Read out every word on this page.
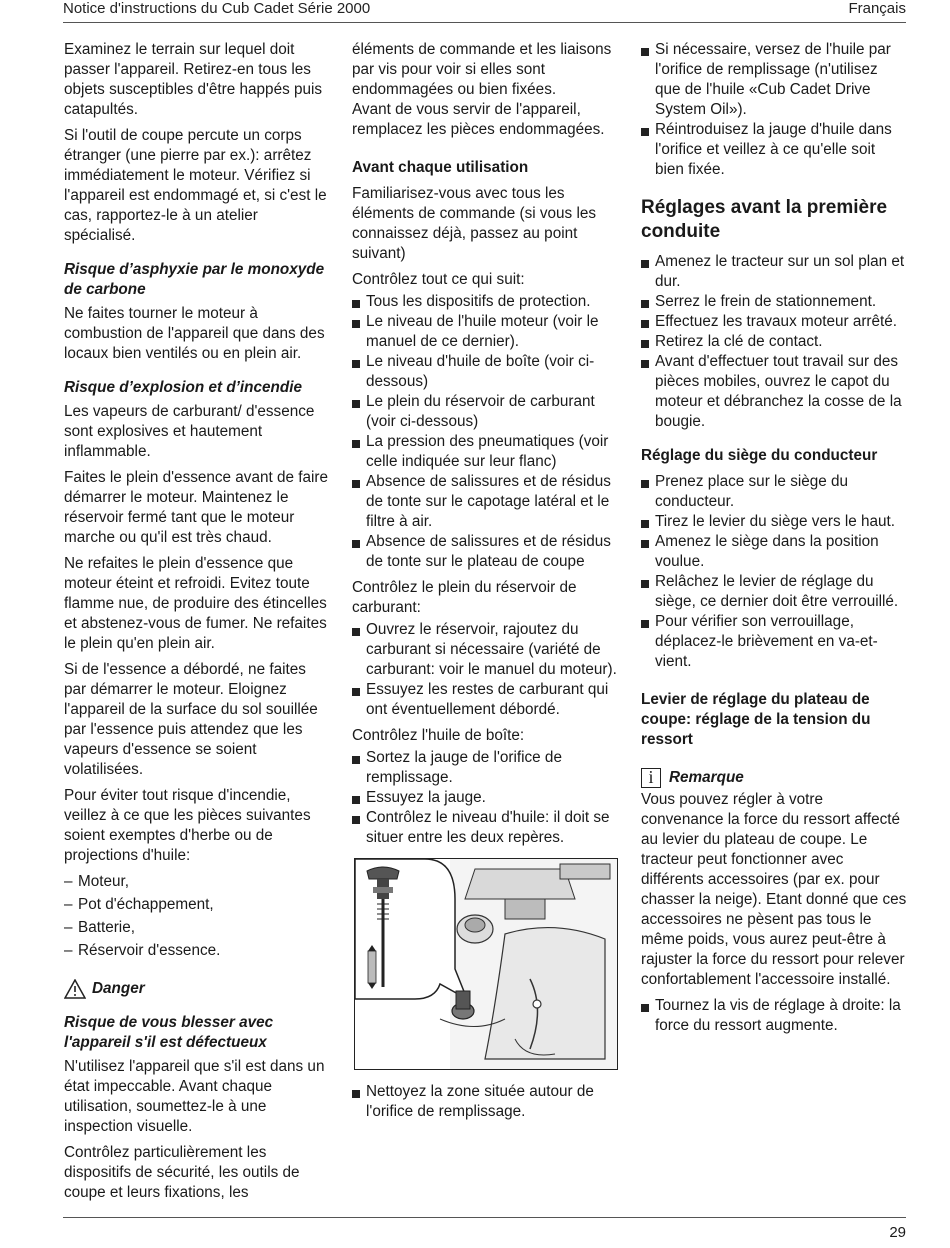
Notice d'instructions du Cub Cadet Série 2000	Français

Examinez le terrain sur lequel doit passer l'appareil. Retirez-en tous les objets susceptibles d'être happés puis catapultés.

Si l'outil de coupe percute un corps étranger (une pierre par ex.): arrêtez immédiatement le moteur. Vérifiez si l'appareil est endommagé et, si c'est le cas, rapportez-le à un atelier spécialisé.

Risque d’asphyxie par le monoxyde de carbone

Ne faites tourner le moteur à combustion de l'appareil que dans des locaux bien ventilés ou en plein air.

Risque d’explosion et d’incendie

Les vapeurs de carburant/ d'essence sont explosives et hautement inflammable.

Faites le plein d'essence avant de faire démarrer le moteur. Maintenez le réservoir fermé tant que le moteur marche ou qu'il est très chaud.

Ne refaites le plein d'essence que moteur éteint et refroidi. Evitez toute flamme nue, de produire des étincelles et abstenez-vous de fumer. Ne refaites le plein qu'en plein air.

Si de l'essence a débordé, ne faites par démarrer le moteur. Eloignez l'appareil de la surface du sol souillée par l'essence puis attendez que les vapeurs d'essence se soient volatilisées.

Pour éviter tout risque d'incendie, veillez à ce que les pièces suivantes soient exemptes d'herbe ou de projections d'huile:

– Moteur,
– Pot d'échappement,
– Batterie,
– Réservoir d'essence.
Danger
Risque de vous blesser avec l'appareil s'il est défectueux

N'utilisez l'appareil que s'il est dans un état impeccable. Avant chaque utilisation, soumettez-le à une inspection visuelle.

Contrôlez particulièrement les dispositifs de sécurité, les outils de coupe et leurs fixations, les

éléments de commande et les liaisons par vis pour voir si elles sont endommagées ou bien fixées.

Avant de vous servir de l'appareil, remplacez les pièces endommagées.

Avant chaque utilisation

Familiarisez-vous avec tous les éléments de commande (si vous les connaissez déjà, passez au point suivant)

Contrôlez tout ce qui suit:

Tous les dispositifs de protection.
Le niveau de l'huile moteur (voir le manuel de ce dernier).
Le niveau d'huile de boîte (voir ci-dessous)
Le plein du réservoir de carburant (voir ci-dessous)
La pression des pneumatiques (voir celle indiquée sur leur flanc)
Absence de salissures et de résidus de tonte sur le capotage latéral et le filtre à air.
Absence de salissures et de résidus de tonte sur le plateau de coupe

Contrôlez le plein du réservoir de carburant:

Ouvrez le réservoir, rajoutez du carburant si nécessaire (variété de carburant: voir le manuel du moteur).
Essuyez les restes de carburant qui ont éventuellement débordé.

Contrôlez l'huile de boîte:

Sortez la jauge de l'orifice de remplissage.
Essuyez la jauge.
Contrôlez le niveau d'huile: il doit se situer entre les deux repères.
Nettoyez la zone située autour de l'orifice de remplissage.
Si nécessaire, versez de l'huile par l'orifice de remplissage (n'utilisez que de l'huile «Cub Cadet Drive System Oil»).
Réintroduisez la jauge d'huile dans l'orifice et veillez à ce qu'elle soit bien fixée.
Réglages avant la première conduite
Amenez le tracteur sur un sol plan et dur.
Serrez le frein de stationnement.
Effectuez les travaux moteur arrêté.
Retirez la clé de contact.
Avant d'effectuer tout travail sur des pièces mobiles, ouvrez le capot du moteur et débranchez la cosse de la bougie.
Réglage du siège du conducteur
Prenez place sur le siège du conducteur.
Tirez le levier du siège vers le haut.
Amenez le siège dans la position voulue.
Relâchez le levier de réglage du siège, ce dernier doit être verrouillé.
Pour vérifier son verrouillage, déplacez-le brièvement en va-et-vient.
Levier de réglage du plateau de coupe: réglage de la tension du ressort
i	Remarque

Vous pouvez régler à votre convenance la force du ressort affecté au levier du plateau de coupe. Le tracteur peut fonctionner avec différents accessoires (par ex. pour chasser la neige). Etant donné que ces accessoires ne pèsent pas tous le même poids, vous aurez peut-être à rajuster la force du ressort pour relever confortablement l'accessoire installé.

Tournez la vis de réglage à droite: la force du ressort augmente.
29
